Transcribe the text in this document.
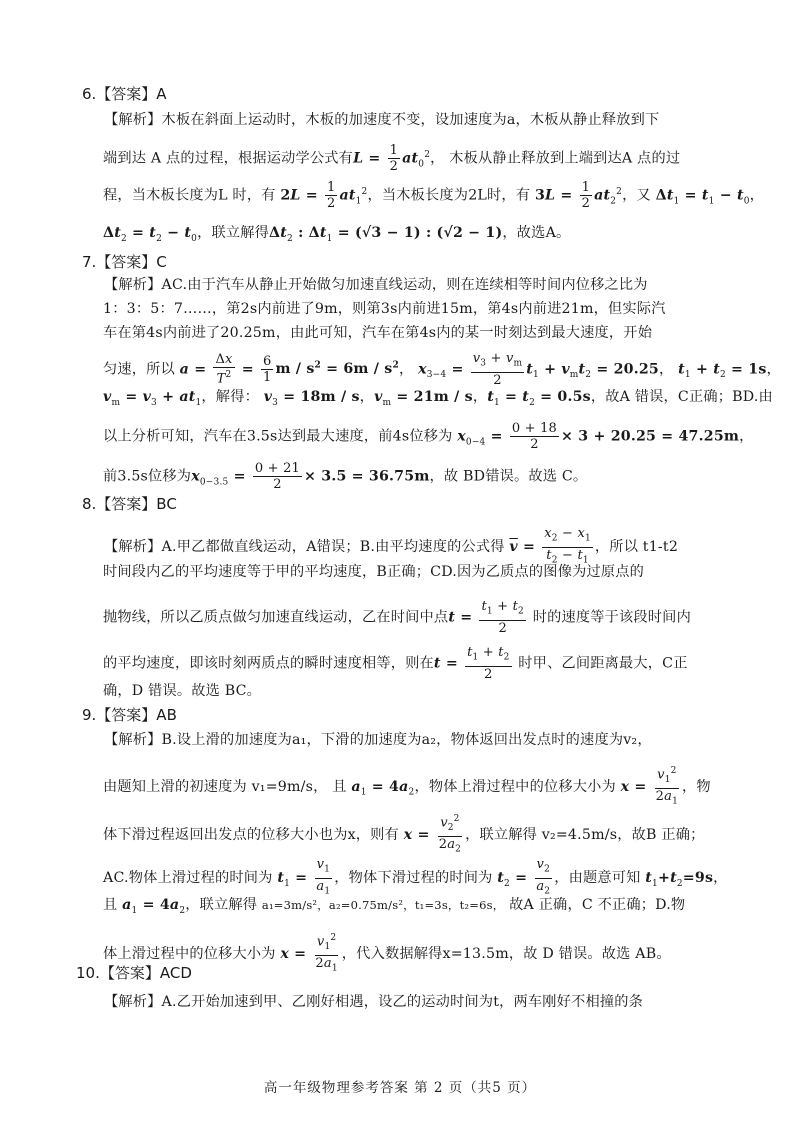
6.【答案】A
【解析】木板在斜面上运动时，木板的加速度不变，设加速度为a，木板从静止释放到下
端到达 A 点的过程，根据运动学公式有$L = \frac{1}{2} at_0^2$， 木板从静止释放到上端到达A 点的过
程，当木板长度为L 时，有 $2L = \frac{1}{2} at_1^2$，当木板长度为2L时，有 $3L = \frac{1}{2} at_2^2$，又 $\Delta t_1 = t_1 - t_0$，
$\Delta t_2 = t_2 - t_0$，联立解得$\Delta t_2$ : $\Delta t_1 = (√3 - 1)$ : (√2 − 1)，故选A。
7.【答案】C
【解析】AC.由于汽车从静止开始做匀加速直线运动，则在连续相等时间内位移之比为
1：3：5：7……，第2s内前进了9m，则第3s内前进15m，第4s内前进21m，但实际汽
车在第4s内前进了20.25m，由此可知，汽车在第4s内的某一时刻达到最大速度，开始
匀速，所以 $a = \frac{\Delta x}{T^2} = \frac{6}{1}$ $m / s^2 = 6m / s^2$， $x_{3-4} = \frac{v_3 + v_m}{2} t_1 + v_mt_2 = 20.25$， $t_1 + t_2 = 1s$，
$v_m = v_3 + at_1$，解得： $v_3 = 18m / s$，$v_m = 21m / s$，$t_1 = t_2 = 0.5s$，故A 错误，C正确；BD.由
以上分析可知，汽车在3.5s达到最大速度，前4s位移为 $x_{0-4} = \frac{0 + 18}{2} \times 3 + 20.25 = 47.25m$，
前3.5s位移为$x_{0-3.5} = \frac{0 + 21}{2} \times 3.5 = 36.75m$，故 BD错误。故选 C。
8.【答案】BC
【解析】A.甲乙都做直线运动，A错误；B.由平均速度的公式得 $\overline{v} = \frac{x_2 - x_1}{t_2 - t_1}$ ，所以 t1-t2
时间段内乙的平均速度等于甲的平均速度，B正确；CD.因为乙质点的图像为过原点的
抛物线，所以乙质点做匀加速直线运动，乙在时间中点$t = \frac{t_1 + t_2}{2}$ 时的速度等于该段时间内
的平均速度，即该时刻两质点的瞬时速度相等，则在$t = \frac{t_1 + t_2}{2}$ 时甲、乙间距离最大，C正
确，D 错误。故选 BC。
9.【答案】AB
【解析】B.设上滑的加速度为a₁，下滑的加速度为a₂，物体返回出发点时的速度为v₂，
由题知上滑的初速度为 v₁=9m/s， 且 $a_1 = 4a_2$，物体上滑过程中的位移大小为 $x = \frac{v_1^2}{2a_1}$ ，物
体下滑过程返回出发点的位移大小也为x，则有 $x = \frac{v_2^2}{2a_2}$ ，联立解得 v₂=4.5m/s，故B 正确；
AC.物体上滑过程的时间为 $t_1 = \frac{v_1}{a_1}$ ，物体下滑过程的时间为 $t_2 = \frac{v_2}{a_2}$ ，由题意可知 $t_1+t_2=9s$，
且 $a_1 = 4a_2$，联立解得 a₁=3m/s²，a₂=0.75m/s²，t₁=3s，t₂=6s， 故A 正确，C 不正确；D.物
体上滑过程中的位移大小为 $x = \frac{v_1^2}{2a_1}$ ，代入数据解得x=13.5m，故 D 错误。故选 AB。
10.【答案】ACD
【解析】A.乙开始加速到甲、乙刚好相遇，设乙的运动时间为t，两车刚好不相撞的条
高一年级物理参考答案 第 2 页（共5 页）
